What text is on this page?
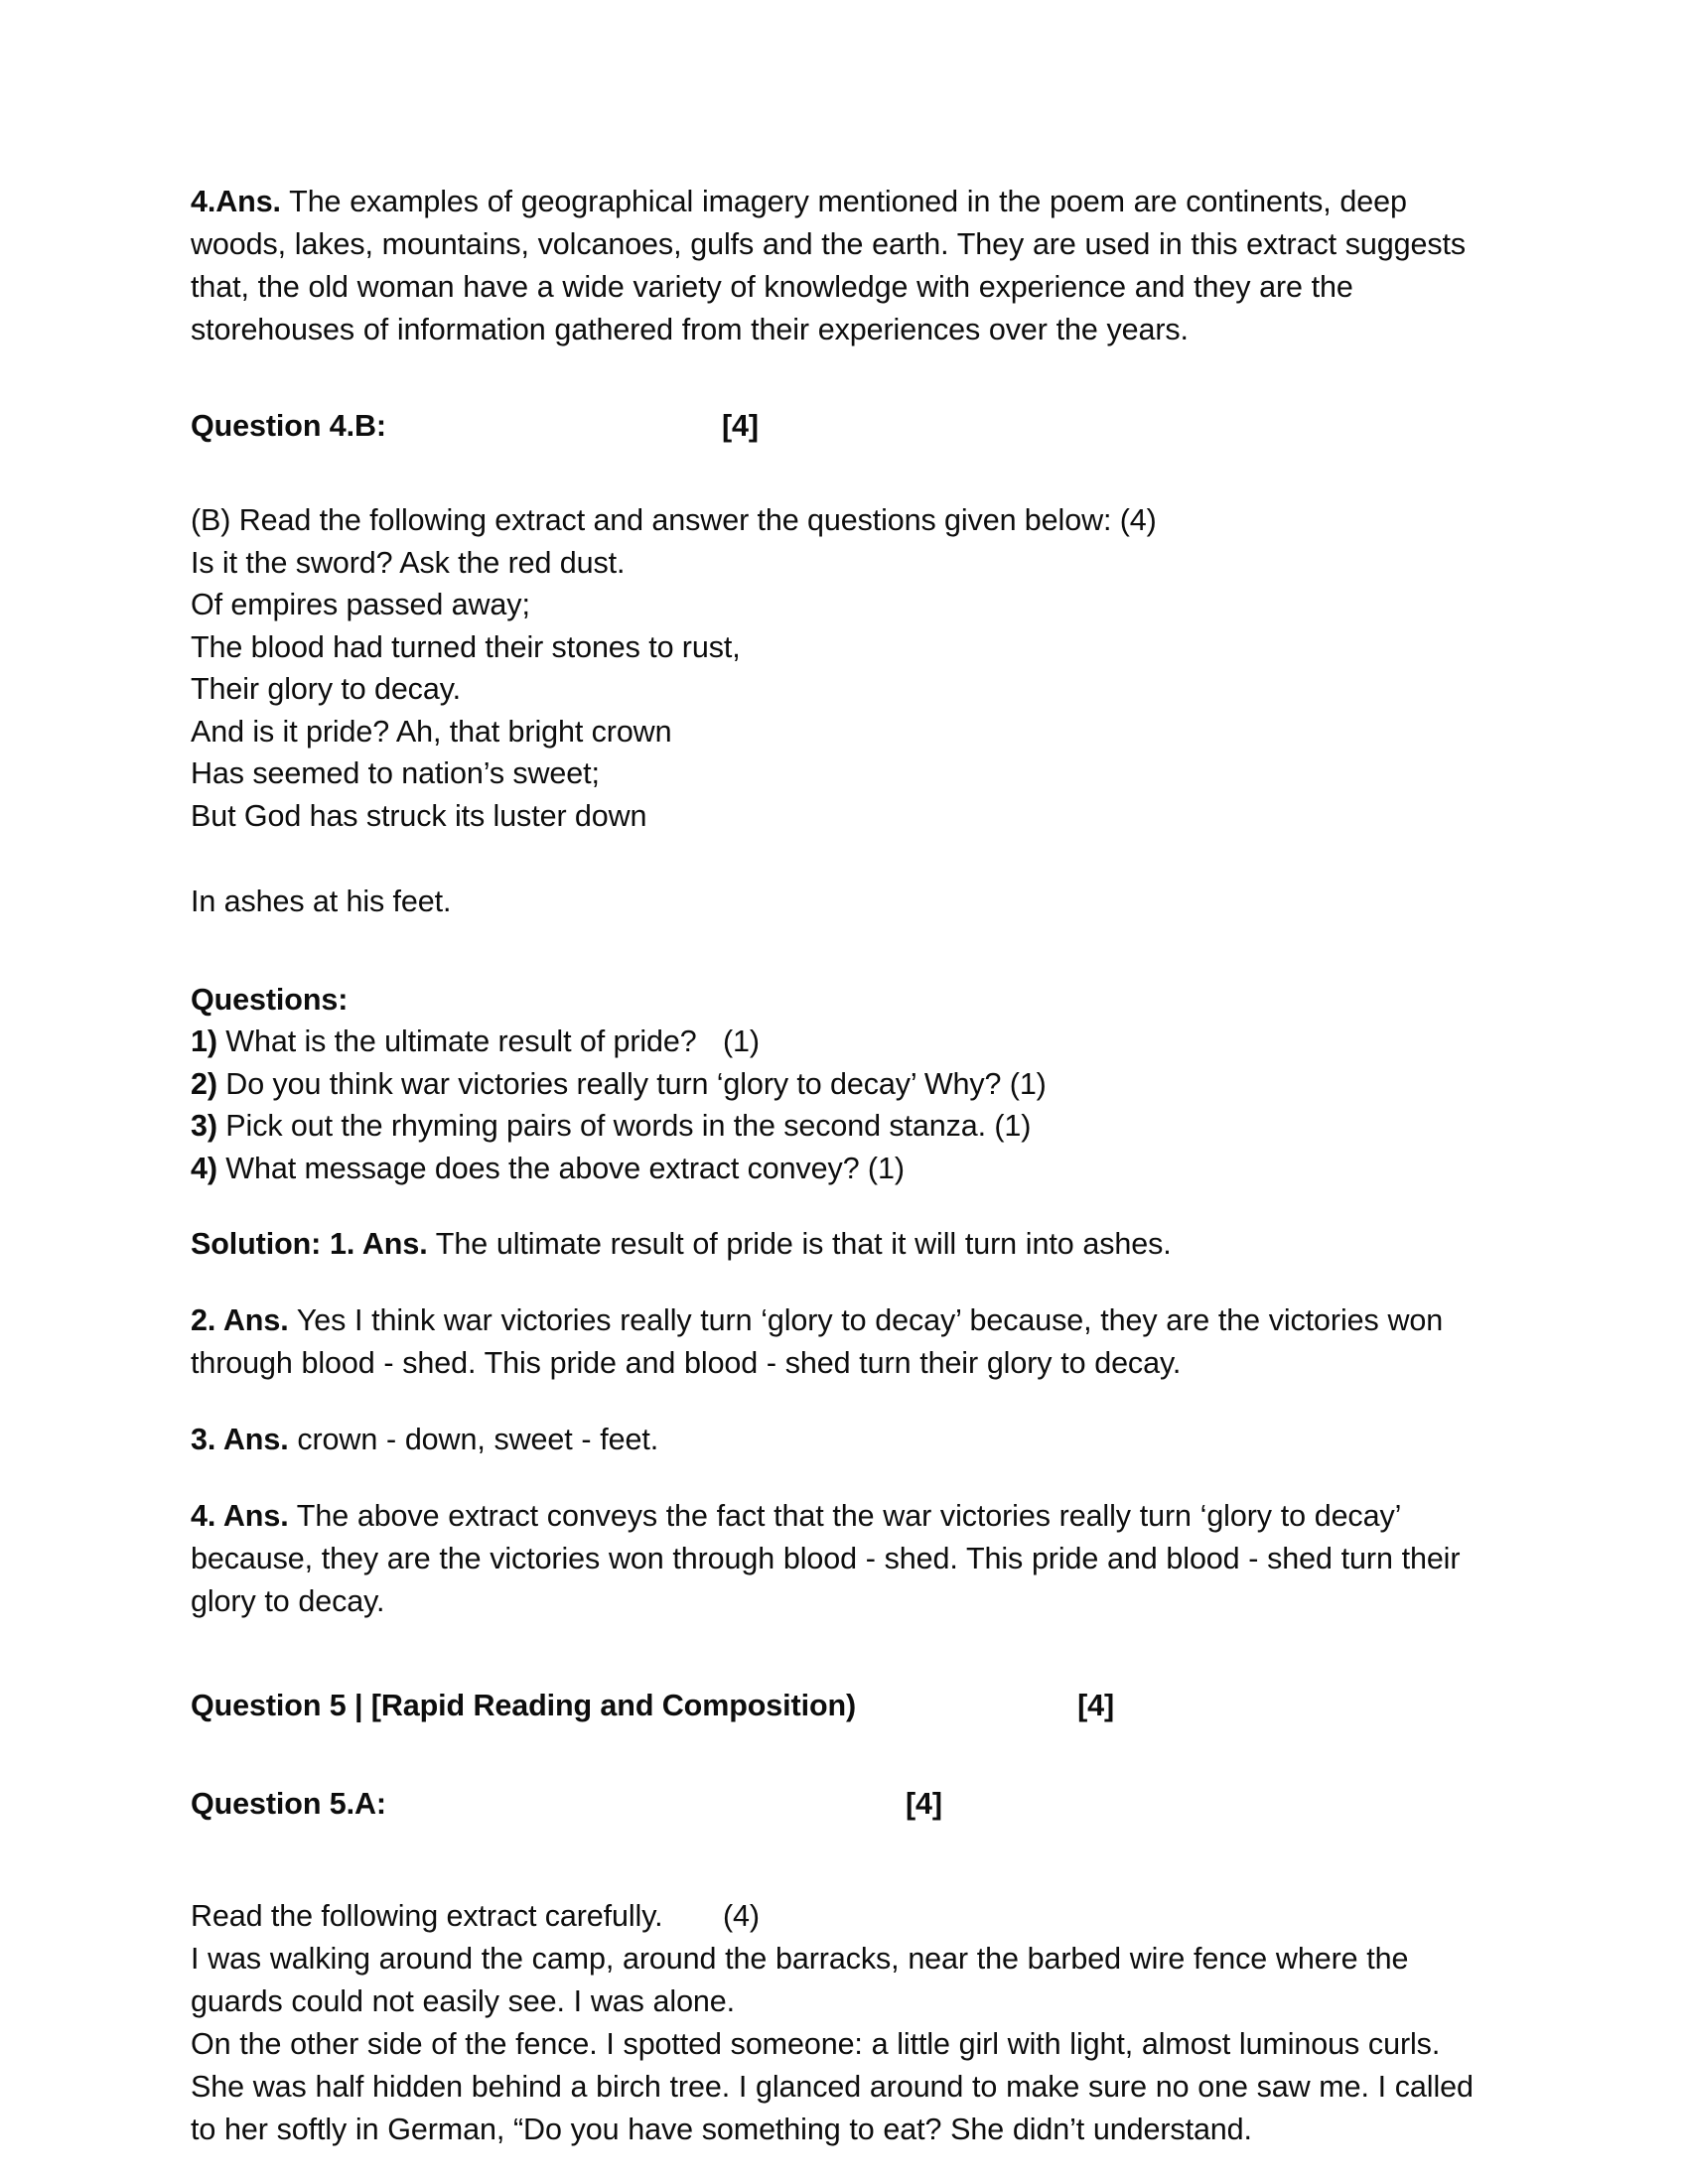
4.Ans. The examples of geographical imagery mentioned in the poem are continents, deep woods, lakes, mountains, volcanoes, gulfs and the earth. They are used in this extract suggests that, the old woman have a wide variety of knowledge with experience and they are the storehouses of information gathered from their experiences over the years.

Question 4.B:	[4]

(B) Read the following extract and answer the questions given below: (4)

Is it the sword? Ask the red dust.

Of empires passed away;

The blood had turned their stones to rust,

Their glory to decay.

And is it pride? Ah, that bright crown

Has seemed to nation’s sweet;

But God has struck its luster down

In ashes at his feet.

Questions:

1) What is the ultimate result of pride?	(1)

2) Do you think war victories really turn ‘glory to decay’ Why? (1)

3) Pick out the rhyming pairs of words in the second stanza. (1)

4) What message does the above extract convey? (1)

Solution: 1. Ans. The ultimate result of pride is that it will turn into ashes.

2. Ans. Yes I think war victories really turn ‘glory to decay’ because, they are the victories won through blood - shed. This pride and blood - shed turn their glory to decay.

3. Ans. crown - down, sweet - feet.

4. Ans. The above extract conveys the fact that the war victories really turn ‘glory to decay’ because, they are the victories won through blood - shed. This pride and blood - shed turn their glory to decay.

Question 5 | [Rapid Reading and Composition)	[4]
Question 5.A:	[4]

Read the following extract carefully.	(4)

I was walking around the camp, around the barracks, near the barbed wire fence where the guards could not easily see. I was alone.

On the other side of the fence. I spotted someone: a little girl with light, almost luminous curls. She was half hidden behind a birch tree. I glanced around to make sure no one saw me. I called to her softly in German, “Do you have something to eat? She didn’t understand.
